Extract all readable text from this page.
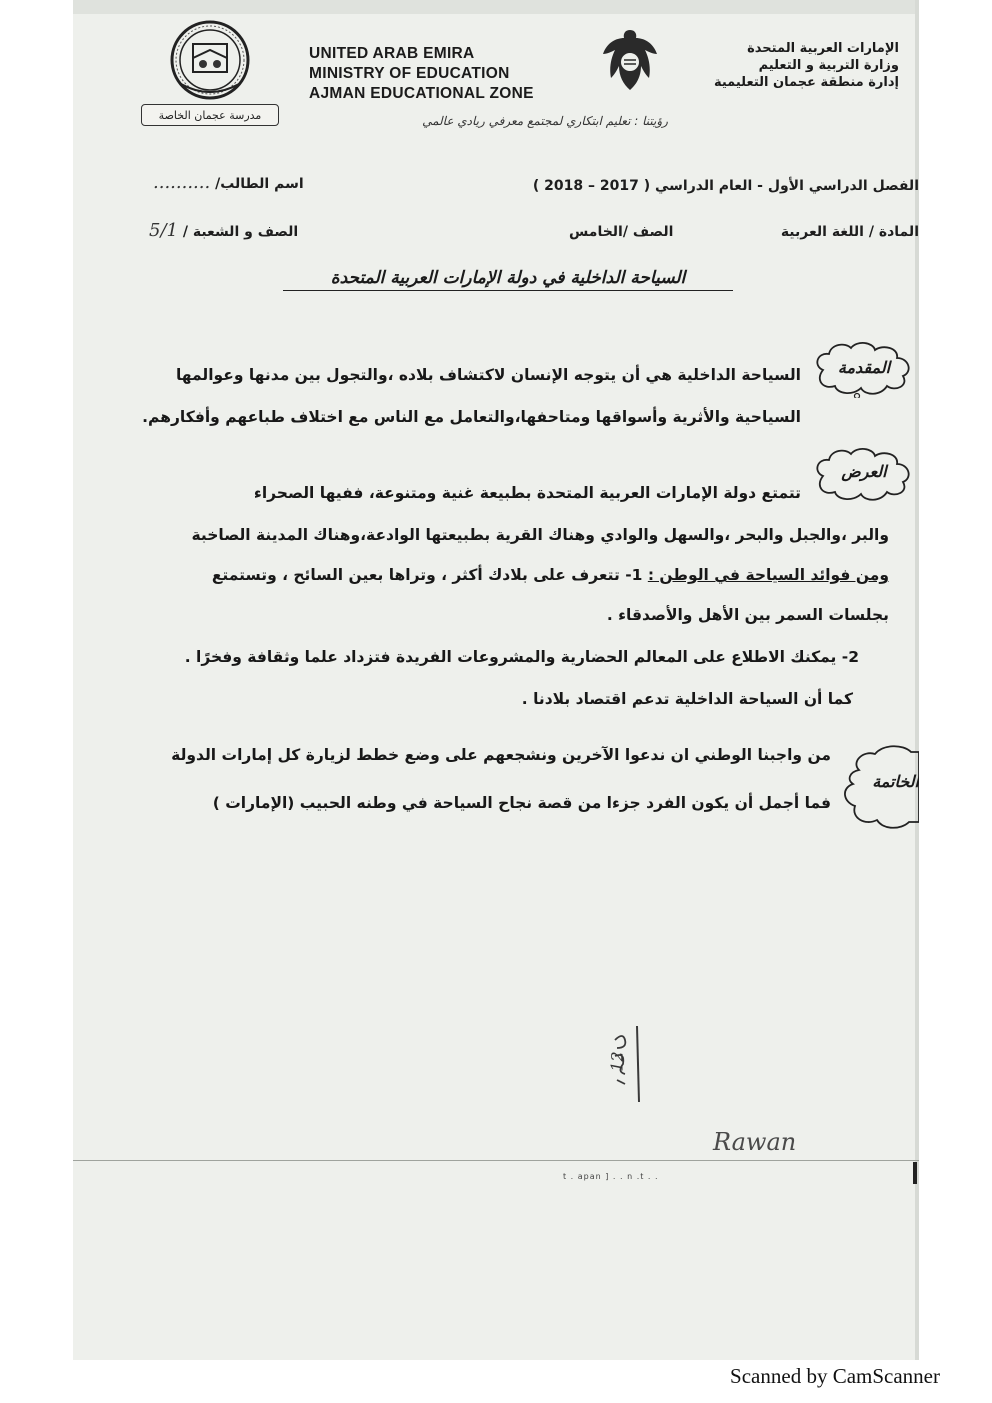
مدرسة عجمان الخاصة
UNITED ARAB EMIRA
MINISTRY OF EDUCATION
AJMAN EDUCATIONAL ZONE
الإمارات العربية المتحدة
وزارة التربية و التعليم
إدارة منطقة عجمان التعليمية
رؤيتنا : تعليم ابتكاري لمجتمع معرفي ريادي عالمي
الفصل الدراسي الأول - العام الدراسي ( 2017 – 2018 )
اسم الطالب/ ..........
المادة / اللغة العربية
الصف /الخامس
الصف و الشعبة / 5/1
السياحة الداخلية في دولة الإمارات العربية المتحدة
المقدمة
السياحة الداخلية هي أن يتوجه الإنسان لاكتشاف بلاده ،والتجول بين مدنها وعوالمها
السياحية والأثرية وأسواقها ومتاحفها،والتعامل مع الناس مع اختلاف طباعهم وأفكارهم.
العرض
تتمتع دولة الإمارات العربية المتحدة بطبيعة غنية ومتنوعة، ففيها الصحراء
والبر ،والجبل والبحر ،والسهل والوادي وهناك القرية بطبيعتها الوادعة،وهناك المدينة الصاخبة
ومن فوائد السياحة في الوطن : 1- تتعرف على بلادك أكثر ، وتراها بعين السائح ، وتستمتع
بجلسات السمر بين الأهل والأصدقاء .
2- يمكنك الاطلاع على المعالم الحضارية والمشروعات الفريدة فتزداد علما وثقافة وفخرًا .
كما أن السياحة الداخلية تدعم اقتصاد بلادنا .
الخاتمة
من واجبنا الوطني ان ندعوا الآخرين ونشجعهم على وضع خطط لزيارة كل إمارات الدولة
فما أجمل أن يكون الفرد جزءا من قصة نجاح السياحة في وطنه الحبيب (الإمارات )
12
Rawan
t . apan ] . . n .t . .
Scanned by CamScanner
